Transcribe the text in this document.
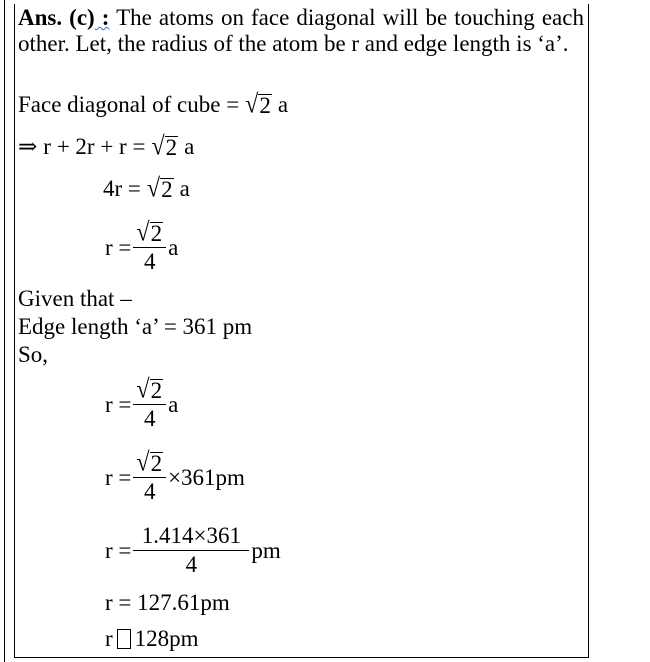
Ans. (c) : The atoms on face diagonal will be touching each other. Let, the radius of the atom be r and edge length is ‘a’.
Face diagonal of cube = √ 2 a
⇒ r + 2r + r = √ 2 a
4r = √ 2 a
$r = \frac{√ 2}{4}$ a
Given that –
Edge length ‘a’ = 361 pm
So,
$r = \frac{√ 2}{4}$ a
$r = \frac{√ 2}{4} \times 361pm$
$r = \frac{1.414\times 361}{4}$ pm
r = 127.61pm
r 128pm
